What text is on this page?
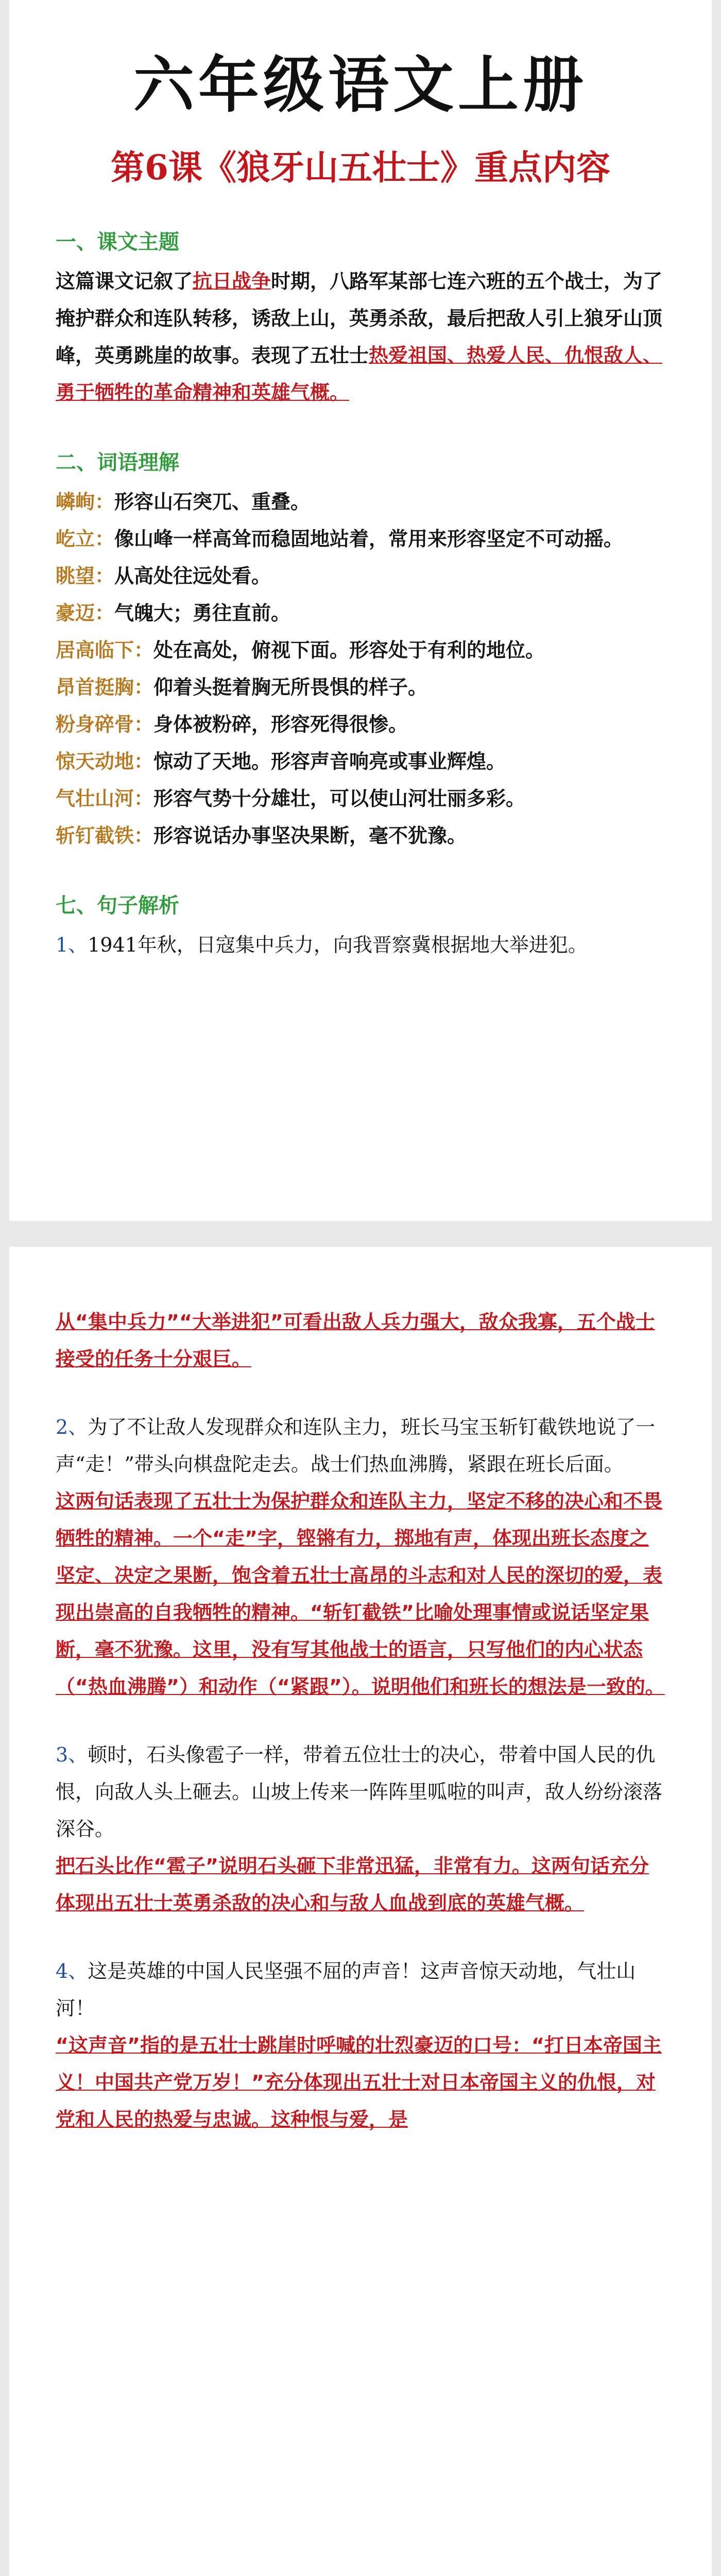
六年级语文上册
第6课《狼牙山五壮士》重点内容

一、课文主题

这篇课文记叙了抗日战争时期，八路军某部七连六班的五个战士，为了掩护群众和连队转移，诱敌上山，英勇杀敌，最后把敌人引上狼牙山顶峰，英勇跳崖的故事。表现了五壮士热爱祖国、热爱人民、仇恨敌人、勇于牺牲的革命精神和英雄气概。

二、词语理解

嶙峋：形容山石突兀、重叠。

屹立：像山峰一样高耸而稳固地站着，常用来形容坚定不可动摇。

眺望：从高处往远处看。

豪迈：气魄大；勇往直前。

居高临下：处在高处，俯视下面。形容处于有利的地位。

昂首挺胸：仰着头挺着胸无所畏惧的样子。

粉身碎骨：身体被粉碎，形容死得很惨。

惊天动地：惊动了天地。形容声音响亮或事业辉煌。

气壮山河：形容气势十分雄壮，可以使山河壮丽多彩。

斩钉截铁：形容说话办事坚决果断，毫不犹豫。

七、句子解析

1、1941年秋，日寇集中兵力，向我晋察冀根据地大举进犯。

从“集中兵力”“大举进犯”可看出敌人兵力强大，敌众我寡，五个战士接受的任务十分艰巨。

2、为了不让敌人发现群众和连队主力，班长马宝玉斩钉截铁地说了一声“走！”带头向棋盘陀走去。战士们热血沸腾，紧跟在班长后面。

这两句话表现了五壮士为保护群众和连队主力，坚定不移的决心和不畏牺牲的精神。一个“走”字，铿锵有力，掷地有声，体现出班长态度之坚定、决定之果断，饱含着五壮士高昂的斗志和对人民的深切的爱，表现出崇高的自我牺牲的精神。“斩钉截铁”比喻处理事情或说话坚定果断，毫不犹豫。这里，没有写其他战士的语言，只写他们的内心状态（“热血沸腾”）和动作（“紧跟”）。说明他们和班长的想法是一致的。

3、顿时，石头像雹子一样，带着五位壮士的决心，带着中国人民的仇恨，向敌人头上砸去。山坡上传来一阵阵里呱啦的叫声，敌人纷纷滚落深谷。

把石头比作“雹子”说明石头砸下非常迅猛，非常有力。这两句话充分体现出五壮士英勇杀敌的决心和与敌人血战到底的英雄气概。

4、这是英雄的中国人民坚强不屈的声音！这声音惊天动地，气壮山河！

“这声音”指的是五壮士跳崖时呼喊的壮烈豪迈的口号：“打日本帝国主义！中国共产党万岁！”充分体现出五壮士对日本帝国主义的仇恨，对党和人民的热爱与忠诚。这种恨与爱，是
